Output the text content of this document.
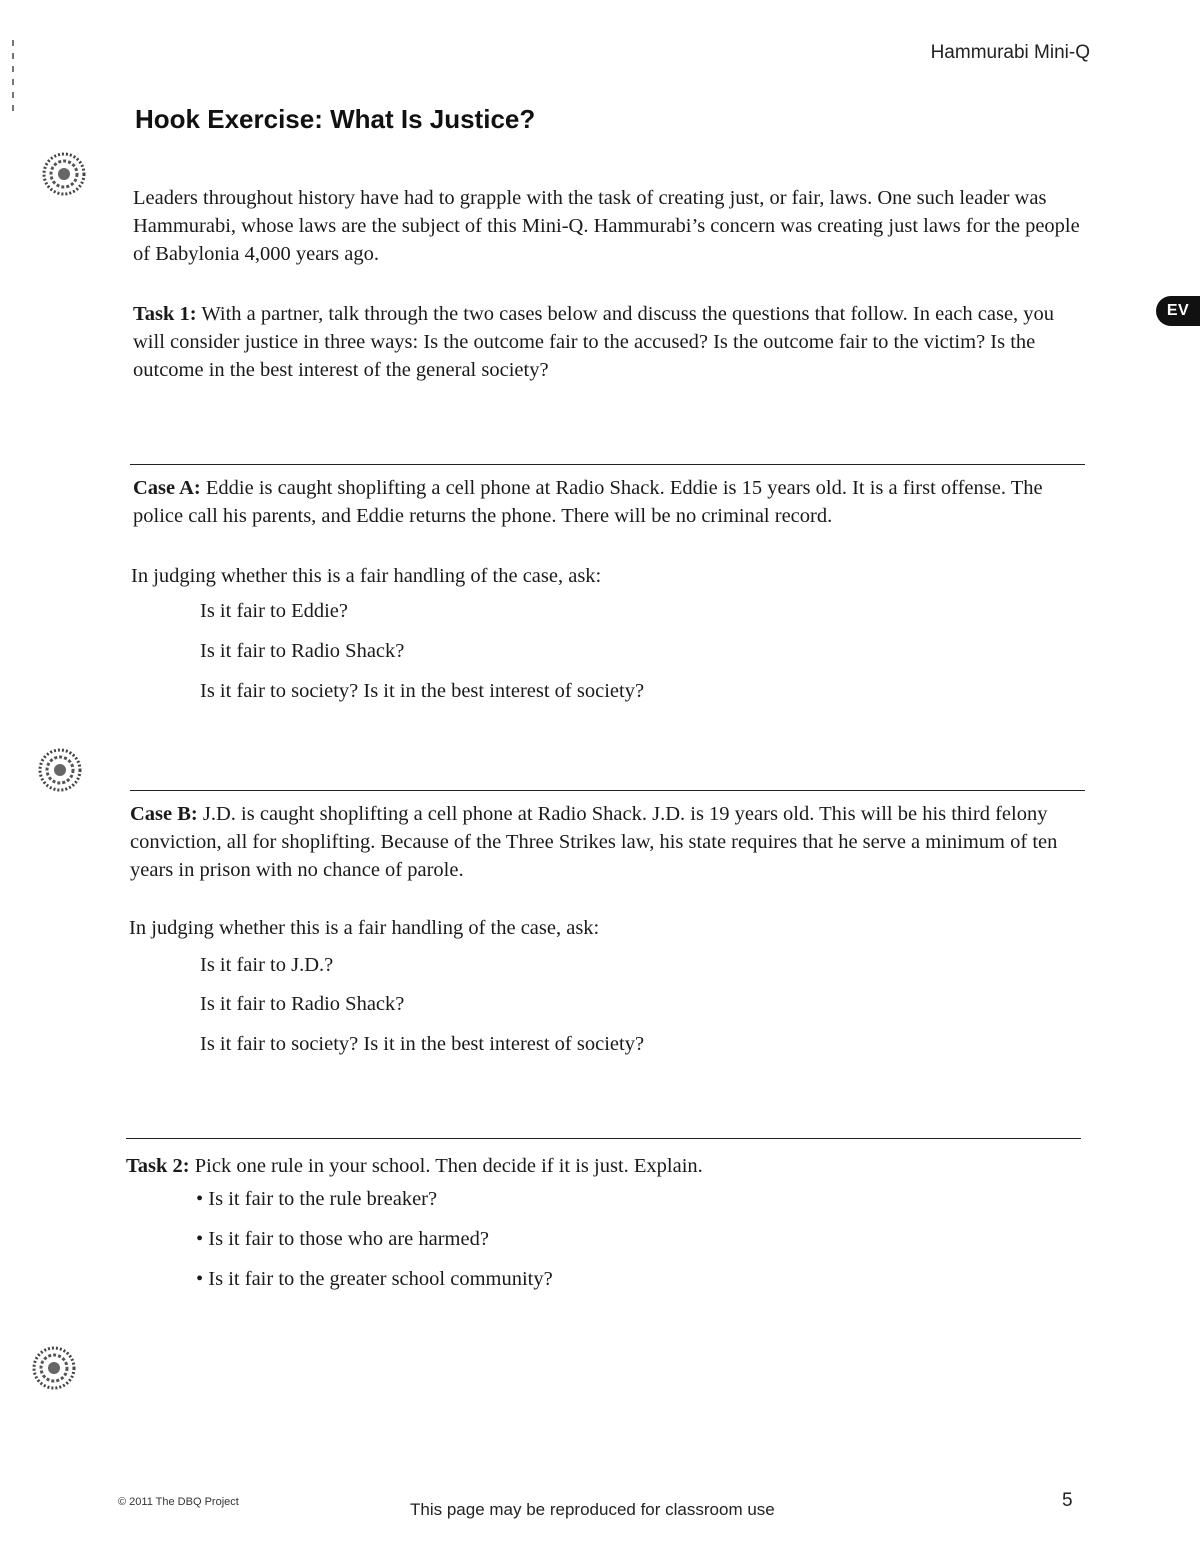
Hammurabi Mini-Q
Hook Exercise: What Is Justice?

Leaders throughout history have had to grapple with the task of creating just, or fair, laws. One such leader was Hammurabi, whose laws are the subject of this Mini-Q. Hammurabi’s concern was creating just laws for the people of Babylonia 4,000 years ago.

Task 1: With a partner, talk through the two cases below and discuss the questions that follow. In each case, you will consider justice in three ways: Is the outcome fair to the accused? Is the outcome fair to the victim? Is the outcome in the best interest of the general society?

EV

Case A: Eddie is caught shoplifting a cell phone at Radio Shack. Eddie is 15 years old. It is a first offense. The police call his parents, and Eddie returns the phone. There will be no criminal record.

In judging whether this is a fair handling of the case, ask:
Is it fair to Eddie?
Is it fair to Radio Shack?
Is it fair to society? Is it in the best interest of society?

Case B: J.D. is caught shoplifting a cell phone at Radio Shack. J.D. is 19 years old. This will be his third felony conviction, all for shoplifting. Because of the Three Strikes law, his state requires that he serve a minimum of ten years in prison with no chance of parole.

In judging whether this is a fair handling of the case, ask:
Is it fair to J.D.?
Is it fair to Radio Shack?
Is it fair to society? Is it in the best interest of society?

Task 2: Pick one rule in your school. Then decide if it is just. Explain.

• Is it fair to the rule breaker?
• Is it fair to those who are harmed?
• Is it fair to the greater school community?
© 2011 The DBQ Project	This page may be reproduced for classroom use	5
